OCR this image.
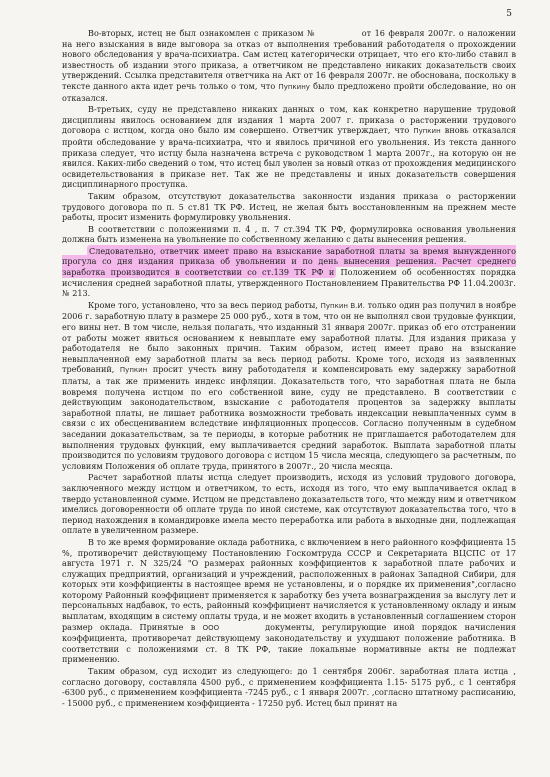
5

Во-вторых, истец не был ознакомлен с приказом №	от 16 февраля 2007г. о наложении на него взыскания в виде выговора за отказ от выполнения требований работодателя о прохождении нового обследования у врача-психиатра. Сам истец категорически отрицает, что его кто-либо ставил в известность об издании этого приказа, а ответчиком не представлено никаких доказательств своих утверждений. Ссылка представителя ответчика на Акт от 16 февраля 2007г. не обоснована, поскольку в тексте данного акта идет речь только о том, что Пупкину было предложено пройти обследование, но он отказался.

В-третьих, суду не представлено никаких данных о том, как конкретно нарушение трудовой дисциплины явилось основанием для издания 1 марта 2007 г. приказа о расторжении трудового договора с истцом, когда оно было им совершено. Ответчик утверждает, что Пупкин вновь отказался пройти обследование у врача-психиатра, что и явилось причиной его увольнения. Из текста данного приказа следует, что истцу была назначена встреча с руководством 1 марта 2007г., на которую он не явился. Каких-либо сведений о том, что истец был уволен за новый отказ от прохождения медицинского освидетельствования в приказе нет. Так же не представлены и иных доказательств совершения дисциплинарного проступка.

Таким образом, отсутствуют доказательства законности издания приказа о расторжении трудового договора по п. 5 ст.81 ТК РФ. Истец, не желая быть восстановленным на прежнем месте работы, просит изменить формулировку увольнения.

В соответствии с положениями п. 4 , п. 7 ст.394 ТК РФ, формулировка основания увольнения должна быть изменена на увольнение по собственному желанию с даты вынесения решения.

Следовательно, ответчик имеет право на взыскание заработной платы за время вынужденного прогула со дня издания приказа об увольнении и по день вынесения решения. Расчет среднего заработка производится в соответствии со ст.139 ТК РФ и Положением об особенностях порядка исчисления средней заработной платы, утвержденного Постановлением Правительства РФ 11.04.2003г. № 213.

Кроме того, установлено, что за весь период работы, Пупкин В.И. только один раз получил в ноябре 2006 г. заработную плату в размере 25 000 руб., хотя в том, что он не выполнял свои трудовые функции, его вины нет. В том числе, нельзя полагать, что изданный 31 января 2007г. приказ об его отстранении от работы может явиться основанием к невыплате ему заработной платы. Для издания приказа у работодателя не было законных причин. Таким образом, истец имеет право на взыскание невыплаченной ему заработной платы за весь период работы. Кроме того, исходя из заявленных требований, Пупкин просит учесть вину работодателя и компенсировать ему задержку заработной платы, а так же применить индекс инфляции. Доказательств того, что заработная плата не была вовремя получена истцом по его собственной вине, суду не представлено. В соответствии с действующим законодательством, взыскание с работодателя процентов за задержку выплаты заработной платы, не лишает работника возможности требовать индексации невыплаченных сумм в связи с их обесцениванием вследствие инфляционных процессов. Согласно полученным в судебном заседании доказательствам, за те периоды, в которые работник не приглашается работодателем для выполнения трудовых функций, ему выплачивается средний заработок. Выплата заработной платы производится по условиям трудового договора с истцом 15 числа месяца, следующего за расчетным, по условиям Положения об оплате труда, принятого в 2007г., 20 числа месяца.

Расчет заработной платы истца следует производить, исходя из условий трудового договора, заключенного между истцом и ответчиком, то есть, исходя из того, что ему выплачивается оклад в твердо установленной сумме. Истцом не представлено доказательств того, что между ним и ответчиком имелись договоренности об оплате труда по иной системе, как отсутствуют доказательства того, что в период нахождения в командировке имела место переработка или работа в выходные дни, подлежащая оплате в увеличенном размере.

В то же время формирование оклада работника, с включением в него районного коэффициента 15 %, противоречит действующему Постановлению Госкомтруда СССР и Секретариата ВЦСПС от 17 августа 1971 г. N 325/24 "О размерах районных коэффициентов к заработной плате рабочих и служащих предприятий, организаций и учреждений, расположенных в районах Западной Сибири, для которых эти коэффициенты в настоящее время не установлены, и о порядке их применения",согласно которому Районный коэффициент применяется к заработку без учета вознаграждения за выслугу лет и персональных надбавок, то есть, районный коэффициент начисляется к установленному окладу и иным выплатам, входящим в систему оплаты труда, и не может входить в установленный соглашением сторон размер оклада. Принятые в ООО	документы, регулирующие иной порядок начисления коэффициента, противоречат действующему законодательству и ухудшают положение работника. В соответствии с положениями ст. 8 ТК РФ, такие локальные нормативные акты не подлежат применению.

Таким образом, суд исходит из следующего: до 1 сентября 2006г. заработная плата истца , согласно договору, составляла 4500 руб., с применением коэффициента 1.15- 5175 руб., с 1 сентября -6300 руб., с применением коэффициента -7245 руб., с 1 января 2007г. ,согласно штатному расписанию, - 15000 руб., с применением коэффициента - 17250 руб. Истец был принят на
